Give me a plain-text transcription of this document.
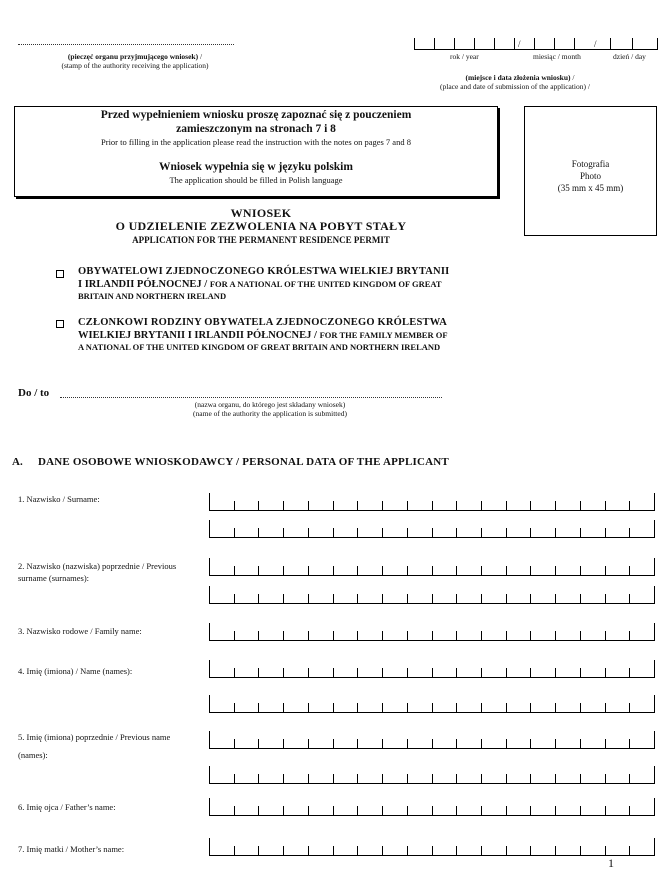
(pieczęć organu przyjmującego wniosek) /
(stamp of the authority receiving the application)
/	/
rok / year	miesiąc / month	dzień / day
(miejsce i data złożenia wniosku) /
(place and date of submission of the application) /
Przed wypełnieniem wniosku proszę zapoznać się z pouczeniem
zamieszczonym na stronach 7 i 8
Prior to filling in the application please read the instruction with the notes on pages 7 and 8
Wniosek wypełnia się w języku polskim
The application should be filled in Polish language
Fotografia
Photo
(35 mm x 45 mm)
WNIOSEK
O UDZIELENIE ZEZWOLENIA NA POBYT STAŁY
APPLICATION FOR THE PERMANENT RESIDENCE PERMIT
OBYWATELOWI ZJEDNOCZONEGO KRÓLESTWA WIELKIEJ BRYTANII
I IRLANDII PÓŁNOCNEJ / FOR A NATIONAL OF THE UNITED KINGDOM OF GREAT
BRITAIN AND NORTHERN IRELAND
CZŁONKOWI RODZINY OBYWATELA ZJEDNOCZONEGO KRÓLESTWA
WIELKIEJ BRYTANII I IRLANDII PÓŁNOCNEJ / FOR THE FAMILY MEMBER OF
A NATIONAL OF THE UNITED KINGDOM OF GREAT BRITAIN AND NORTHERN IRELAND
Do / to
(nazwa organu, do którego jest składany wniosek)
(name of the authority the application is submitted)
A. DANE OSOBOWE WNIOSKODAWCY / PERSONAL DATA OF THE APPLICANT
1. Nazwisko / Surname:
2. Nazwisko (nazwiska) poprzednie / Previous
surname (surnames):
3. Nazwisko rodowe / Family name:
4. Imię (imiona) / Name (names):
5. Imię (imiona) poprzednie / Previous name
(names):
6. Imię ojca / Father’s name:
7. Imię matki / Mother’s name:
1
